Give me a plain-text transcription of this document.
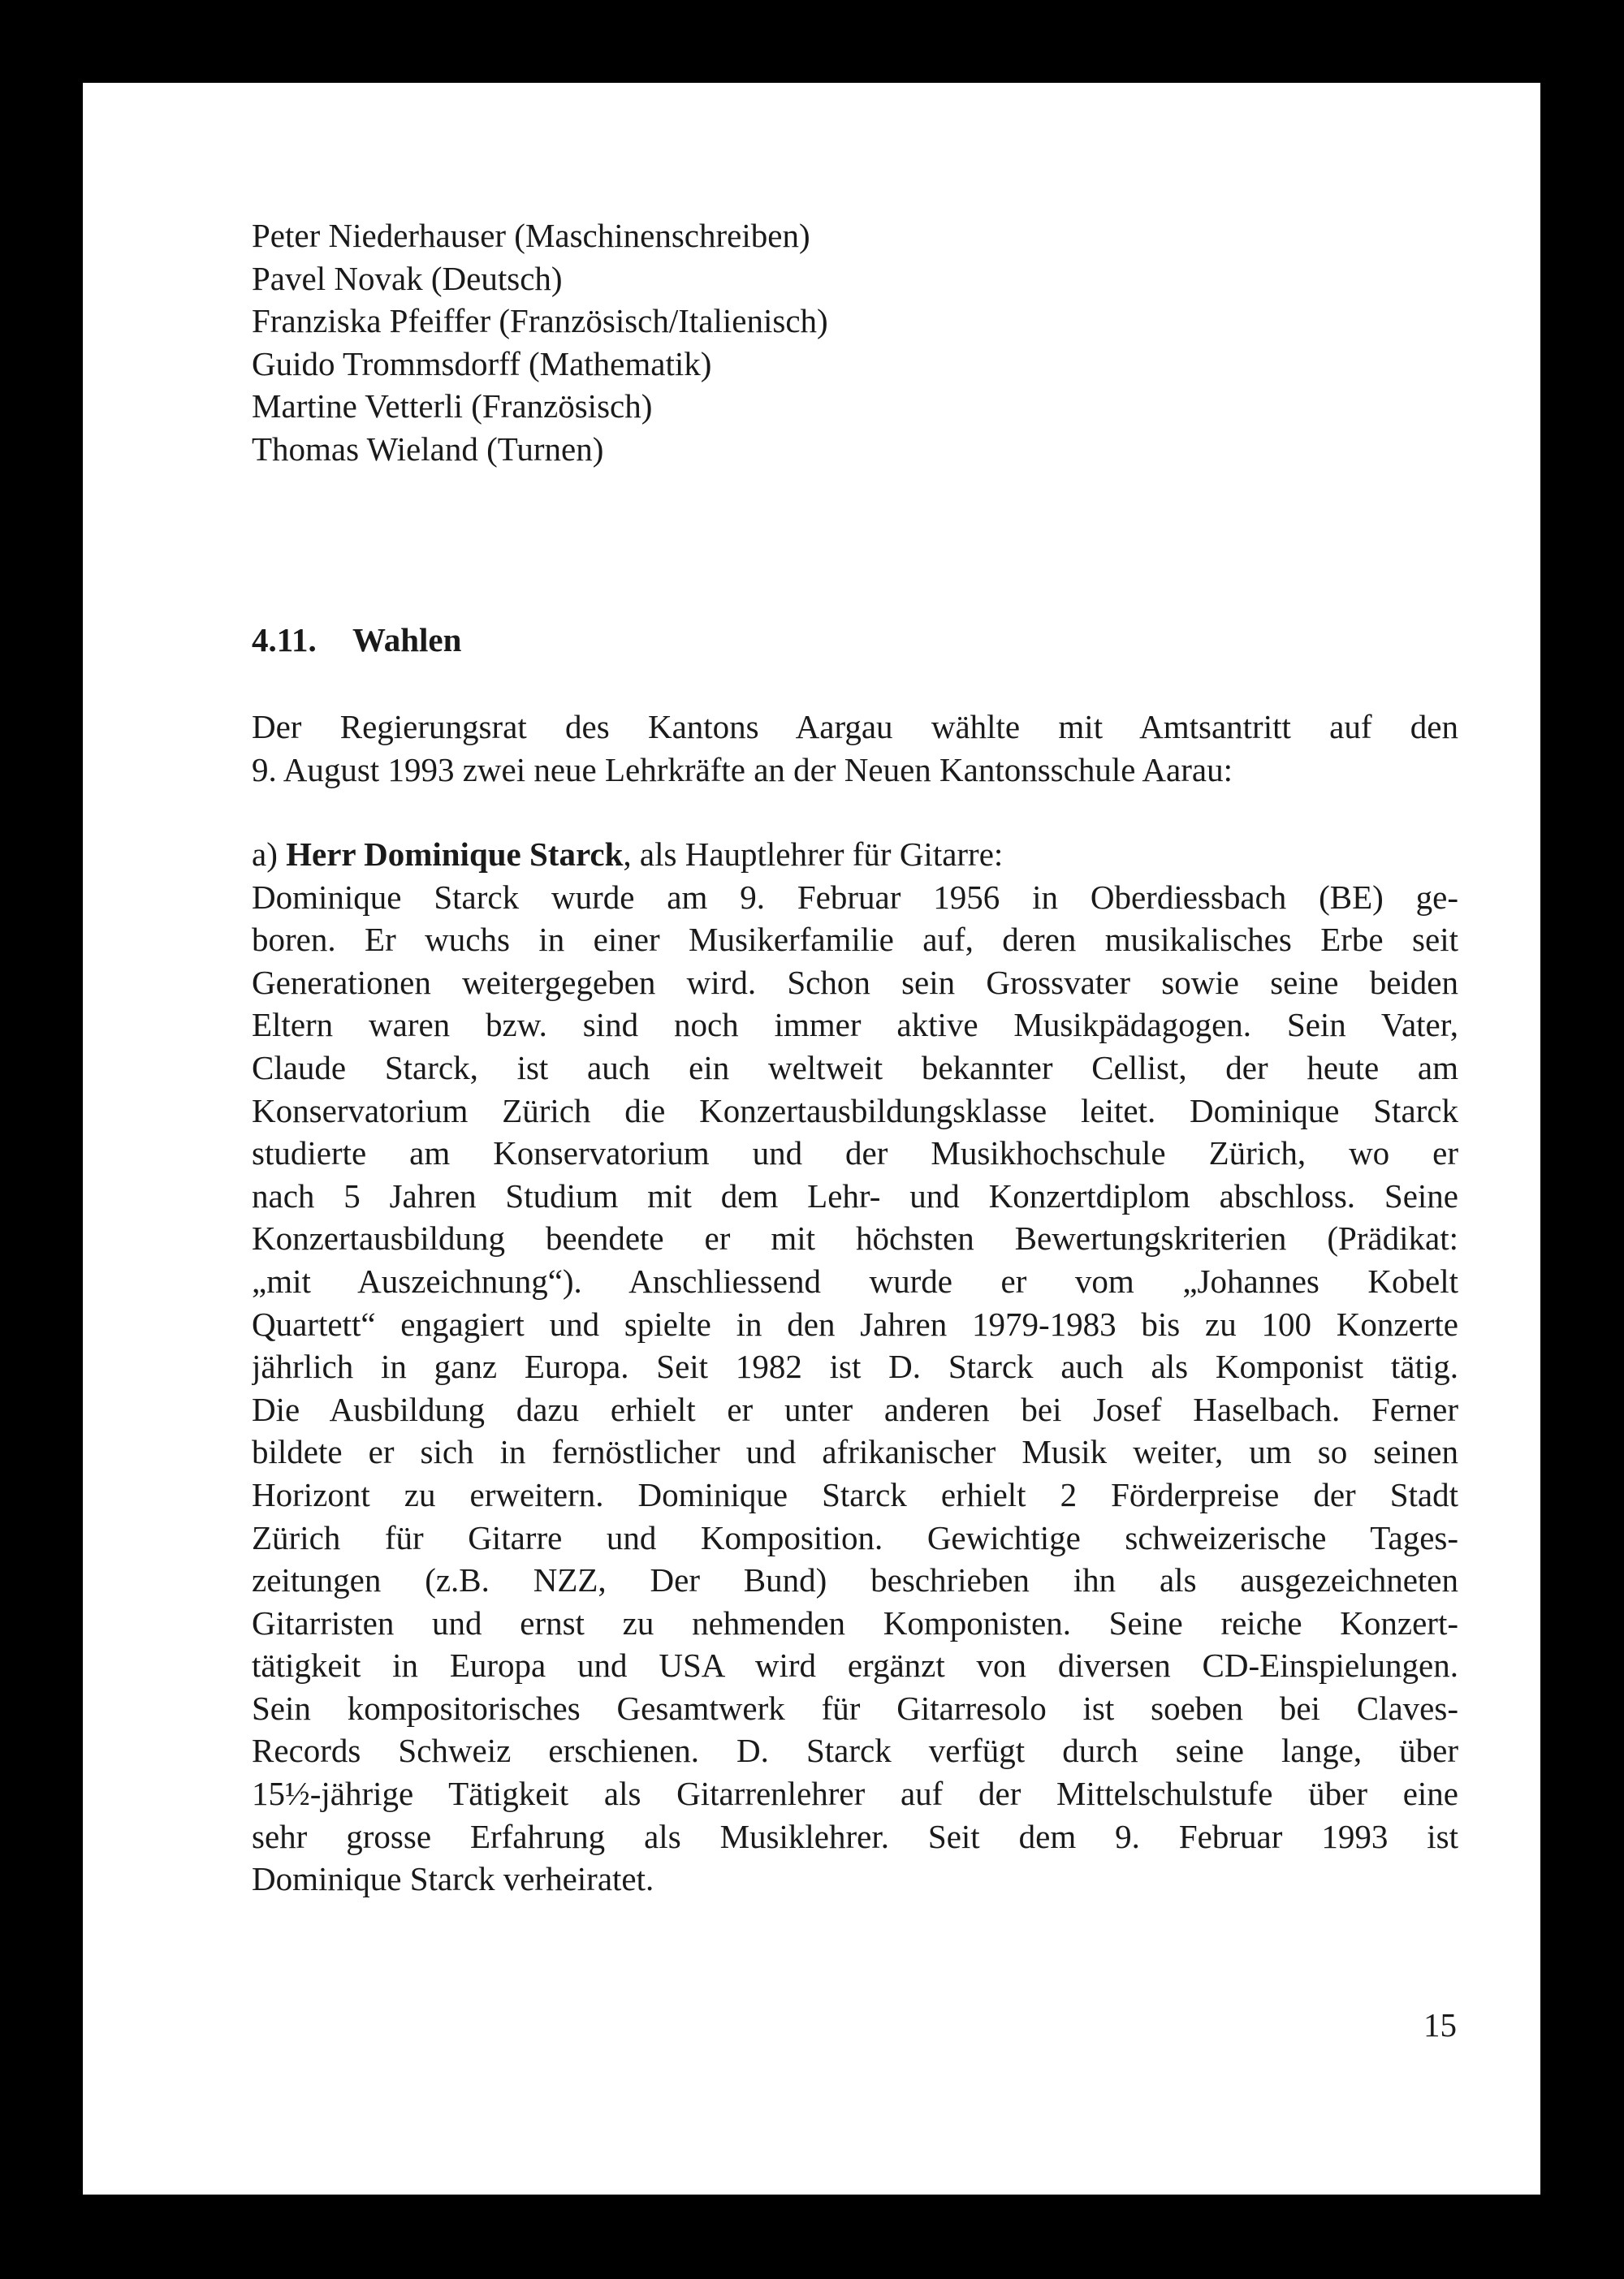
Peter Niederhauser (Maschinenschreiben)
Pavel Novak (Deutsch)
Franziska Pfeiffer (Französisch/Italienisch)
Guido Trommsdorff (Mathematik)
Martine Vetterli (Französisch)
Thomas Wieland (Turnen)
4.11. Wahlen
Der Regierungsrat des Kantons Aargau wählte mit Amtsantritt auf den
9. August 1993 zwei neue Lehrkräfte an der Neuen Kantonsschule Aarau:
a) Herr Dominique Starck, als Hauptlehrer für Gitarre:
Dominique Starck wurde am 9. Februar 1956 in Oberdiessbach (BE) ge-
boren. Er wuchs in einer Musikerfamilie auf, deren musikalisches Erbe seit
Generationen weitergegeben wird. Schon sein Grossvater sowie seine beiden
Eltern waren bzw. sind noch immer aktive Musikpädagogen. Sein Vater,
Claude Starck, ist auch ein weltweit bekannter Cellist, der heute am
Konservatorium Zürich die Konzertausbildungsklasse leitet. Dominique Starck
studierte am Konservatorium und der Musikhochschule Zürich, wo er
nach 5 Jahren Studium mit dem Lehr- und Konzertdiplom abschloss. Seine
Konzertausbildung beendete er mit höchsten Bewertungskriterien (Prädikat:
„mit Auszeichnung“). Anschliessend wurde er vom „Johannes Kobelt
Quartett“ engagiert und spielte in den Jahren 1979-1983 bis zu 100 Konzerte
jährlich in ganz Europa. Seit 1982 ist D. Starck auch als Komponist tätig.
Die Ausbildung dazu erhielt er unter anderen bei Josef Haselbach. Ferner
bildete er sich in fernöstlicher und afrikanischer Musik weiter, um so seinen
Horizont zu erweitern. Dominique Starck erhielt 2 Förderpreise der Stadt
Zürich für Gitarre und Komposition. Gewichtige schweizerische Tages-
zeitungen (z.B. NZZ, Der Bund) beschrieben ihn als ausgezeichneten
Gitarristen und ernst zu nehmenden Komponisten. Seine reiche Konzert-
tätigkeit in Europa und USA wird ergänzt von diversen CD-Einspielungen.
Sein kompositorisches Gesamtwerk für Gitarresolo ist soeben bei Claves-
Records Schweiz erschienen. D. Starck verfügt durch seine lange, über
15½-jährige Tätigkeit als Gitarrenlehrer auf der Mittelschulstufe über eine
sehr grosse Erfahrung als Musiklehrer. Seit dem 9. Februar 1993 ist
Dominique Starck verheiratet.
15
